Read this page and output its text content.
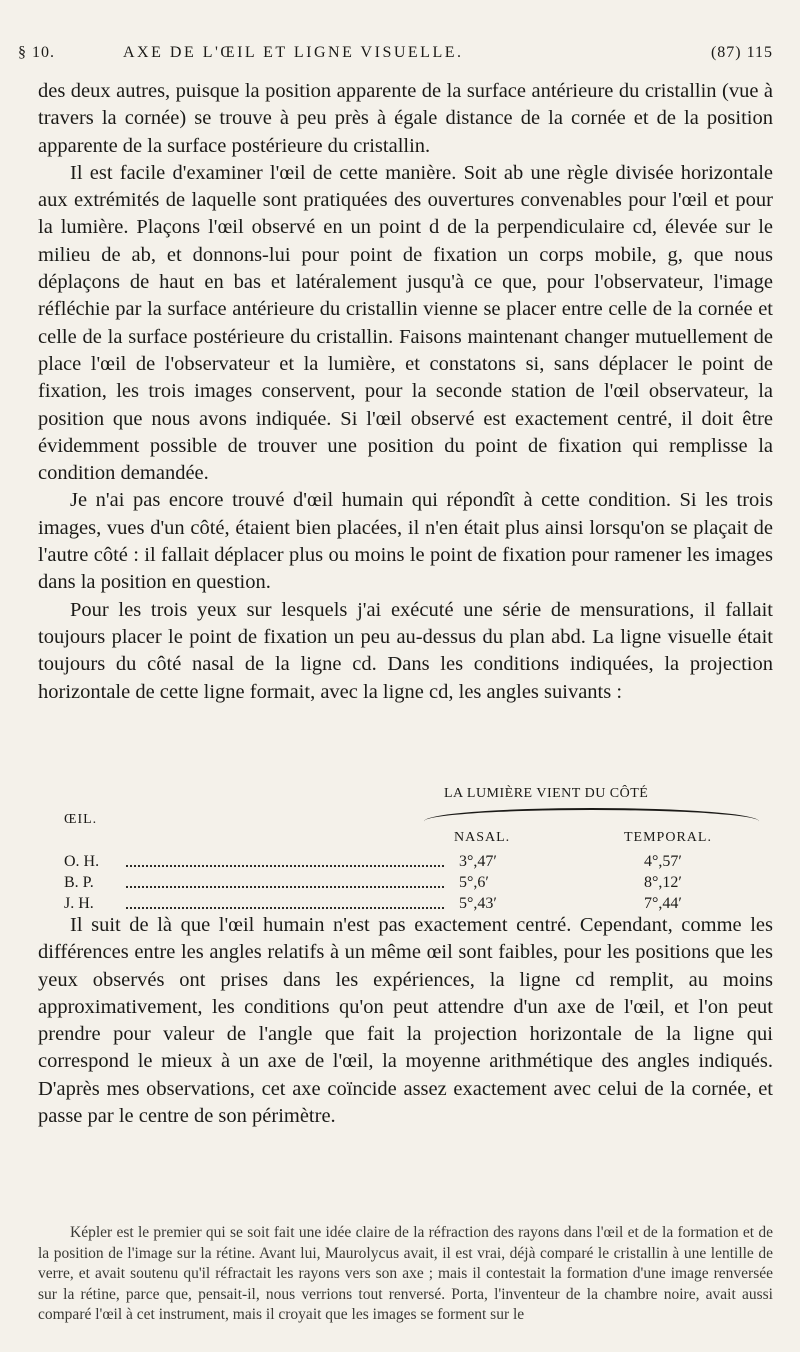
§ 10.	AXE DE L'ŒIL ET LIGNE VISUELLE.	(87) 115

des deux autres, puisque la position apparente de la surface antérieure du cristallin (vue à travers la cornée) se trouve à peu près à égale distance de la cornée et de la position apparente de la surface postérieure du cristallin.

Il est facile d'examiner l'œil de cette manière. Soit ab une règle divisée horizontale aux extrémités de laquelle sont pratiquées des ouvertures convenables pour l'œil et pour la lumière. Plaçons l'œil observé en un point d de la perpendiculaire cd, élevée sur le milieu de ab, et donnons-lui pour point de fixation un corps mobile, g, que nous déplaçons de haut en bas et latéralement jusqu'à ce que, pour l'observateur, l'image réfléchie par la surface antérieure du cristallin vienne se placer entre celle de la cornée et celle de la surface postérieure du cristallin. Faisons maintenant changer mutuellement de place l'œil de l'observateur et la lumière, et constatons si, sans déplacer le point de fixation, les trois images conservent, pour la seconde station de l'œil observateur, la position que nous avons indiquée. Si l'œil observé est exactement centré, il doit être évidemment possible de trouver une position du point de fixation qui remplisse la condition demandée.

Je n'ai pas encore trouvé d'œil humain qui répondît à cette condition. Si les trois images, vues d'un côté, étaient bien placées, il n'en était plus ainsi lorsqu'on se plaçait de l'autre côté : il fallait déplacer plus ou moins le point de fixation pour ramener les images dans la position en question.

Pour les trois yeux sur lesquels j'ai exécuté une série de mensurations, il fallait toujours placer le point de fixation un peu au-dessus du plan abd. La ligne visuelle était toujours du côté nasal de la ligne cd. Dans les conditions indiquées, la projection horizontale de cette ligne formait, avec la ligne cd, les angles suivants :

LA LUMIÈRE VIENT DU CÔTÉ
ŒIL.
NASAL.	TEMPORAL.
O. H.	3°,47′	4°,57′
B. P.	5°,6′	8°,12′
J. H.	5°,43′	7°,44′

Il suit de là que l'œil humain n'est pas exactement centré. Cependant, comme les différences entre les angles relatifs à un même œil sont faibles, pour les positions que les yeux observés ont prises dans les expériences, la ligne cd remplit, au moins approximativement, les conditions qu'on peut attendre d'un axe de l'œil, et l'on peut prendre pour valeur de l'angle que fait la projection horizontale de la ligne qui correspond le mieux à un axe de l'œil, la moyenne arithmétique des angles indiqués. D'après mes observations, cet axe coïncide assez exactement avec celui de la cornée, et passe par le centre de son périmètre.

Képler est le premier qui se soit fait une idée claire de la réfraction des rayons dans l'œil et de la formation et de la position de l'image sur la rétine. Avant lui, Maurolycus avait, il est vrai, déjà comparé le cristallin à une lentille de verre, et avait soutenu qu'il réfractait les rayons vers son axe ; mais il contestait la formation d'une image renversée sur la rétine, parce que, pensait-il, nous verrions tout renversé. Porta, l'inventeur de la chambre noire, avait aussi comparé l'œil à cet instrument, mais il croyait que les images se forment sur le
